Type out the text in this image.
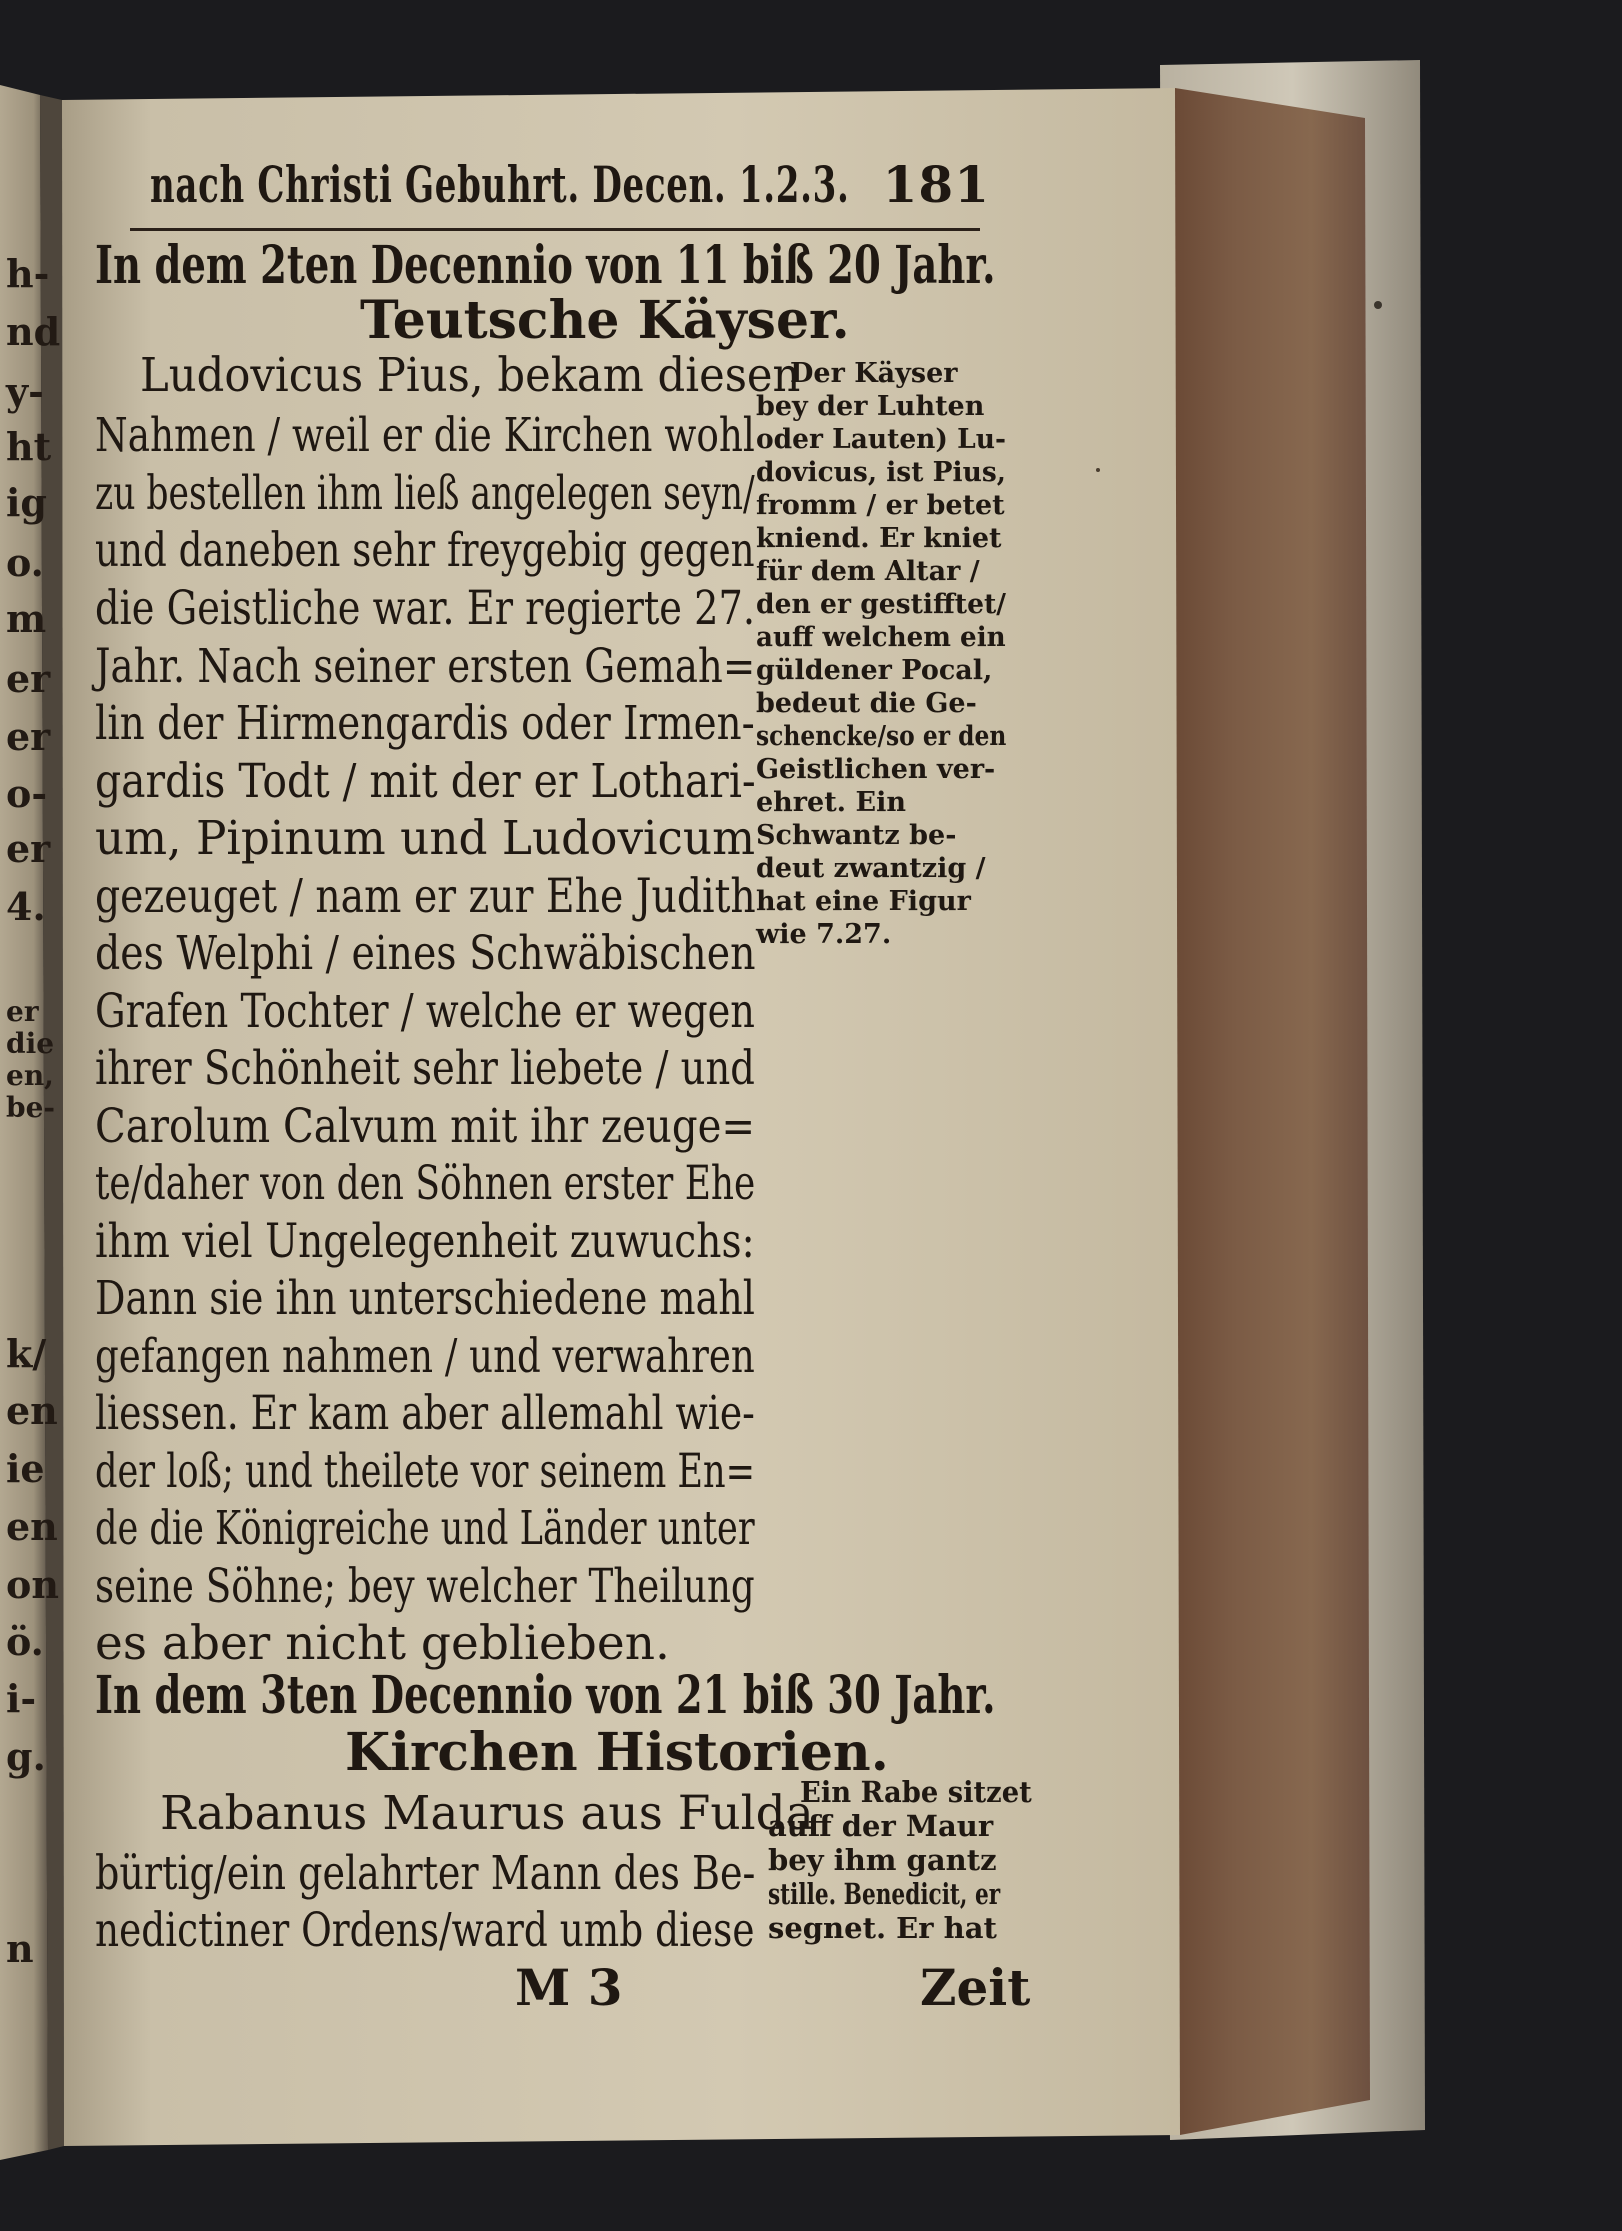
h-
nd
y-
ht
ig
o.
m
er
er
o-
er
4.
er
die
en,
be-
k/
en
ie
en
on
ö.
i-
g.
n
nach Christi Gebuhrt. Decen. 1.2.3. 181
In dem 2ten Decennio von 11 biß 20 Jahr.
Teutsche Käyser.
Ludovicus Pius, bekam diesen
Nahmen / weil er die Kirchen wohl
zu bestellen ihm ließ angelegen seyn/
und daneben sehr freygebig gegen
die Geistliche war. Er regierte 27.
Jahr. Nach seiner ersten Gemah=
lin der Hirmengardis oder Irmen-
gardis Todt / mit der er Lothari-
um, Pipinum und Ludovicum
gezeuget / nam er zur Ehe Judith
des Welphi / eines Schwäbischen
Grafen Tochter / welche er wegen
ihrer Schönheit sehr liebete / und
Carolum Calvum mit ihr zeuge=
te/daher von den Söhnen erster Ehe
ihm viel Ungelegenheit zuwuchs:
Dann sie ihn unterschiedene mahl
gefangen nahmen / und verwahren
liessen. Er kam aber allemahl wie-
der loß; und theilete vor seinem En=
de die Königreiche und Länder unter
seine Söhne; bey welcher Theilung
es aber nicht geblieben.
Der Käyser
bey der Luhten
oder Lauten) Lu-
dovicus, ist Pius,
fromm / er betet
kniend. Er kniet
für dem Altar /
den er gestifftet/
auff welchem ein
güldener Pocal,
bedeut die Ge-
schencke/so er den
Geistlichen ver-
ehret. Ein
Schwantz be-
deut zwantzig /
hat eine Figur
wie 7.27.
In dem 3ten Decennio von 21 biß 30 Jahr.
Kirchen Historien.
Rabanus Maurus aus Fulda
bürtig/ein gelahrter Mann des Be-
nedictiner Ordens/ward umb diese
Ein Rabe sitzet
auff der Maur
bey ihm gantz
stille. Benedicit, er
segnet. Er hat
M 3	Zeit
